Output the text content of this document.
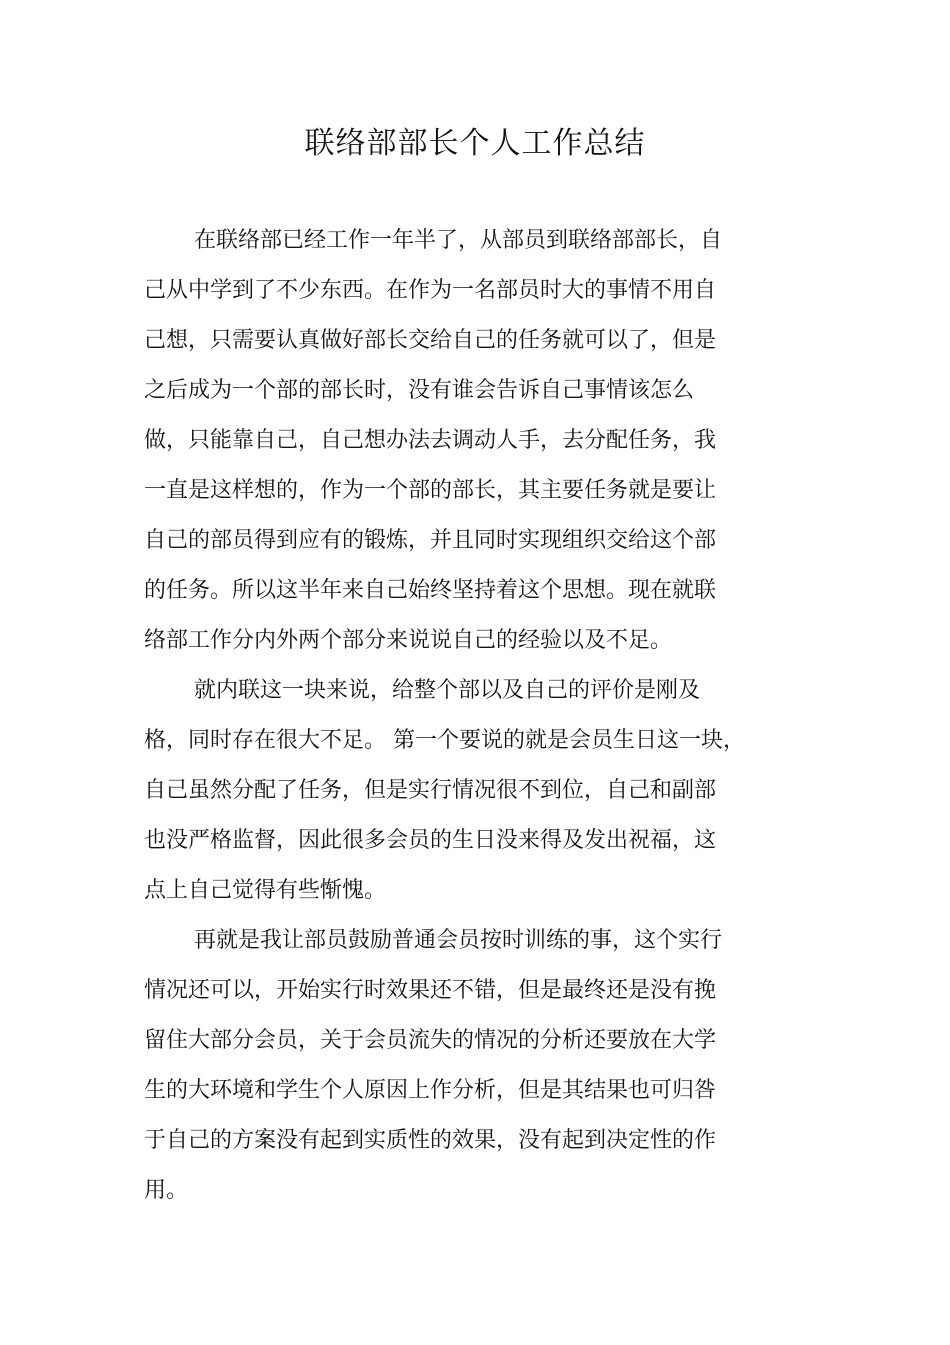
联络部部长个人工作总结
在联络部已经工作一年半了，从部员到联络部部长，自
己从中学到了不少东西。在作为一名部员时大的事情不用自
己想，只需要认真做好部长交给自己的任务就可以了，但是
之后成为一个部的部长时，没有谁会告诉自己事情该怎么
做，只能靠自己，自己想办法去调动人手，去分配任务，我
一直是这样想的，作为一个部的部长，其主要任务就是要让
自己的部员得到应有的锻炼，并且同时实现组织交给这个部
的任务。所以这半年来自己始终坚持着这个思想。现在就联
络部工作分内外两个部分来说说自己的经验以及不足。
就内联这一块来说，给整个部以及自己的评价是刚及
格，同时存在很大不足。 第一个要说的就是会员生日这一块，
自己虽然分配了任务，但是实行情况很不到位，自己和副部
也没严格监督，因此很多会员的生日没来得及发出祝福，这
点上自己觉得有些惭愧。
再就是我让部员鼓励普通会员按时训练的事，这个实行
情况还可以，开始实行时效果还不错，但是最终还是没有挽
留住大部分会员，关于会员流失的情况的分析还要放在大学
生的大环境和学生个人原因上作分析，但是其结果也可归咎
于自己的方案没有起到实质性的效果，没有起到决定性的作
用。
